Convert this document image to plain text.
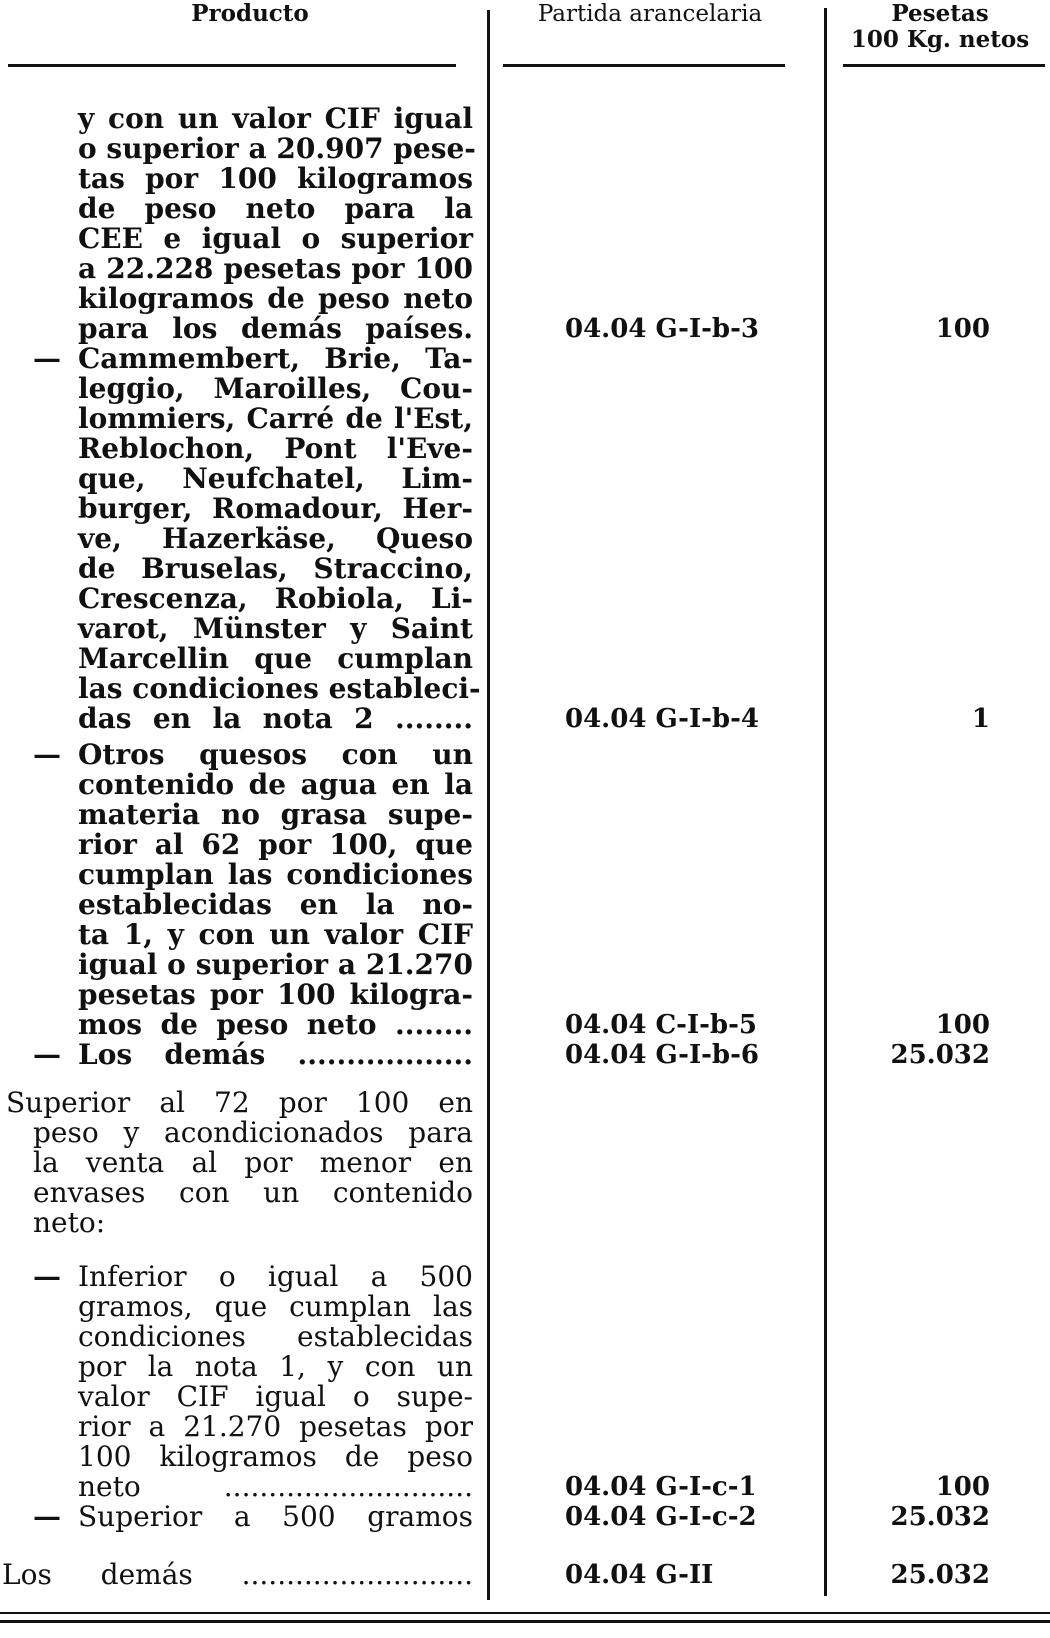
Producto	Partida arancelaria	Pesetas
100 Kg. netos
y con un valor CIF igual
o superior a 20.907 pese-
tas por 100 kilogramos
de peso neto para la
CEE e igual o superior
a 22.228 pesetas por 100
kilogramos de peso neto
para los demás países.	04.04 G-I-b-3	100
— Cammembert, Brie, Ta-
leggio, Maroilles, Cou-
lommiers, Carré de l'Est,
Reblochon, Pont l'Eve-
que, Neufchatel, Lim-
burger, Romadour, Her-
ve, Hazerkäse, Queso
de Bruselas, Straccino,
Crescenza, Robiola, Li-
varot, Münster y Saint
Marcellin que cumplan
las condiciones estableci-
das en la nota 2 ........	04.04 G-I-b-4	1
— Otros quesos con un
contenido de agua en la
materia no grasa supe-
rior al 62 por 100, que
cumplan las condiciones
establecidas en la no-
ta 1, y con un valor CIF
igual o superior a 21.270
pesetas por 100 kilogra-
mos de peso neto ........	04.04 C-I-b-5	100
— Los demás ..................	04.04 G-I-b-6	25.032
Superior al 72 por 100 en
peso y acondicionados para
la venta al por menor en
envases con un contenido
neto:
— Inferior o igual a 500
gramos, que cumplan las
condiciones establecidas
por la nota 1, y con un
valor CIF igual o supe-
rior a 21.270 pesetas por
100 kilogramos de peso
neto ............................	04.04 G-I-c-1	100
— Superior a 500 gramos	04.04 G-I-c-2	25.032
Los demás ..........................	04.04 G-II	25.032
